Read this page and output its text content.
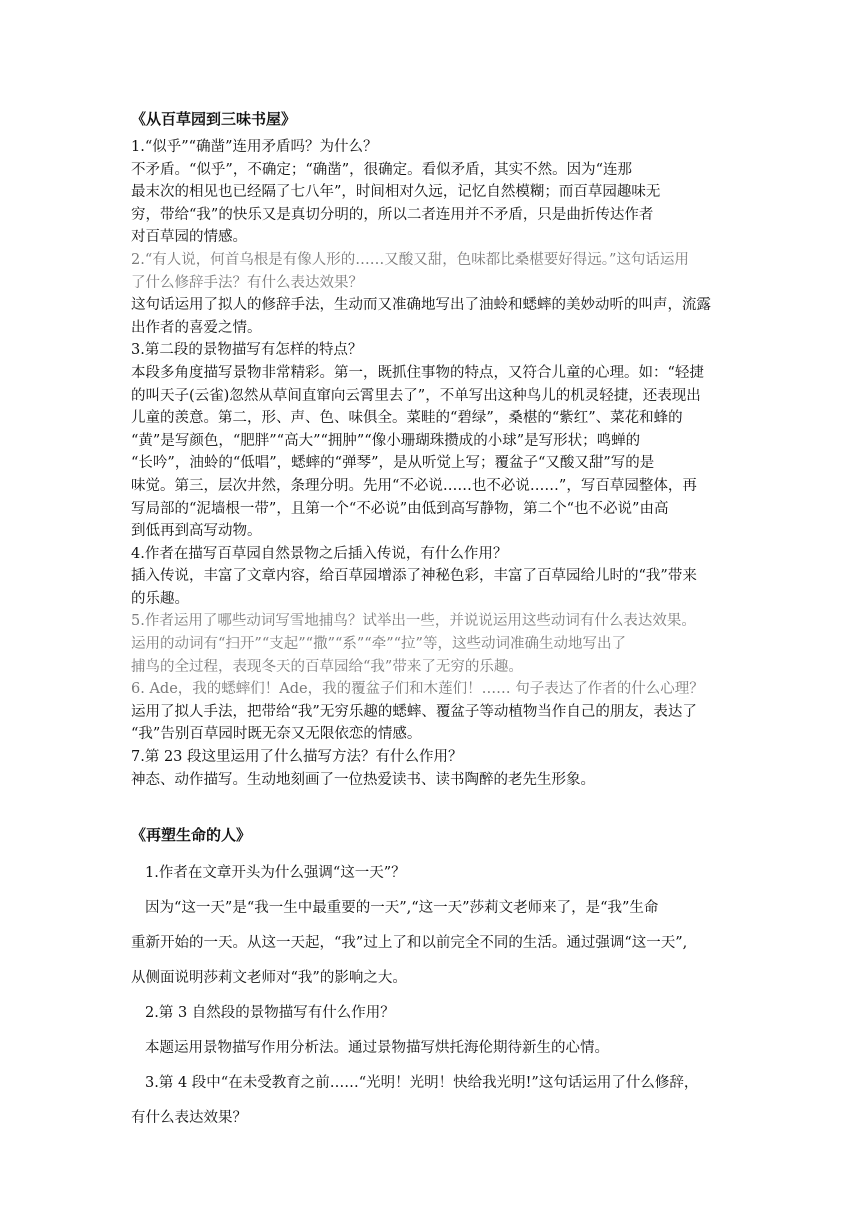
《从百草园到三味书屋》
1.“似乎”“确凿”连用矛盾吗？为什么？
不矛盾。“似乎”，不确定；“确凿”，很确定。看似矛盾，其实不然。因为“连那
最末次的相见也已经隔了七八年”，时间相对久远，记忆自然模糊；而百草园趣味无
穷，带给“我”的快乐又是真切分明的，所以二者连用并不矛盾，只是曲折传达作者
对百草园的情感。
2.“有人说，何首乌根是有像人形的……又酸又甜，色味都比桑椹要好得远。”这句话运用
了什么修辞手法？有什么表达效果？
这句话运用了拟人的修辞手法，生动而又准确地写出了油蛉和蟋蟀的美妙动听的叫声，流露
出作者的喜爱之情。
3.第二段的景物描写有怎样的特点？
本段多角度描写景物非常精彩。第一，既抓住事物的特点，又符合儿童的心理。如：“轻捷
的叫天子(云雀)忽然从草间直窜向云霄里去了”，不单写出这种鸟儿的机灵轻捷，还表现出
儿童的羡意。第二，形、声、色、味俱全。菜畦的“碧绿”，桑椹的“紫红”、菜花和蜂的
“黄”是写颜色，“肥胖”“高大”“拥肿”“像小珊瑚珠攒成的小球”是写形状；鸣蝉的
“长吟”，油蛉的“低唱”，蟋蟀的“弹琴”，是从听觉上写；覆盆子“又酸又甜”写的是
味觉。第三，层次井然，条理分明。先用“不必说……也不必说……”，写百草园整体，再
写局部的“泥墙根一带”，且第一个“不必说”由低到高写静物，第二个“也不必说”由高
到低再到高写动物。
4.作者在描写百草园自然景物之后插入传说，有什么作用？
插入传说，丰富了文章内容，给百草园增添了神秘色彩，丰富了百草园给儿时的“我”带来
的乐趣。
5.作者运用了哪些动词写雪地捕鸟？试举出一些，并说说运用这些动词有什么表达效果。
运用的动词有“扫开”“支起”“撒”“系”“牵”“拉”等，这些动词准确生动地写出了
捕鸟的全过程，表现冬天的百草园给“我”带来了无穷的乐趣。
6. Ade，我的蟋蟀们！Ade，我的覆盆子们和木莲们！…… 句子表达了作者的什么心理？
运用了拟人手法，把带给“我”无穷乐趣的蟋蟀、覆盆子等动植物当作自己的朋友，表达了
“我”告别百草园时既无奈又无限依恋的情感。
7.第 23 段这里运用了什么描写方法？有什么作用？
神态、动作描写。生动地刻画了一位热爱读书、读书陶醉的老先生形象。
《再塑生命的人》
1.作者在文章开头为什么强调“这一天”？
因为“这一天”是“我一生中最重要的一天”,“这一天”莎莉文老师来了，是“我”生命
重新开始的一天。从这一天起，“我”过上了和以前完全不同的生活。通过强调“这一天”,
从侧面说明莎莉文老师对“我”的影响之大。
2.第 3 自然段的景物描写有什么作用？
本题运用景物描写作用分析法。通过景物描写烘托海伦期待新生的心情。
3.第 4 段中“在未受教育之前……“光明！光明！快给我光明!”这句话运用了什么修辞，
有什么表达效果？
